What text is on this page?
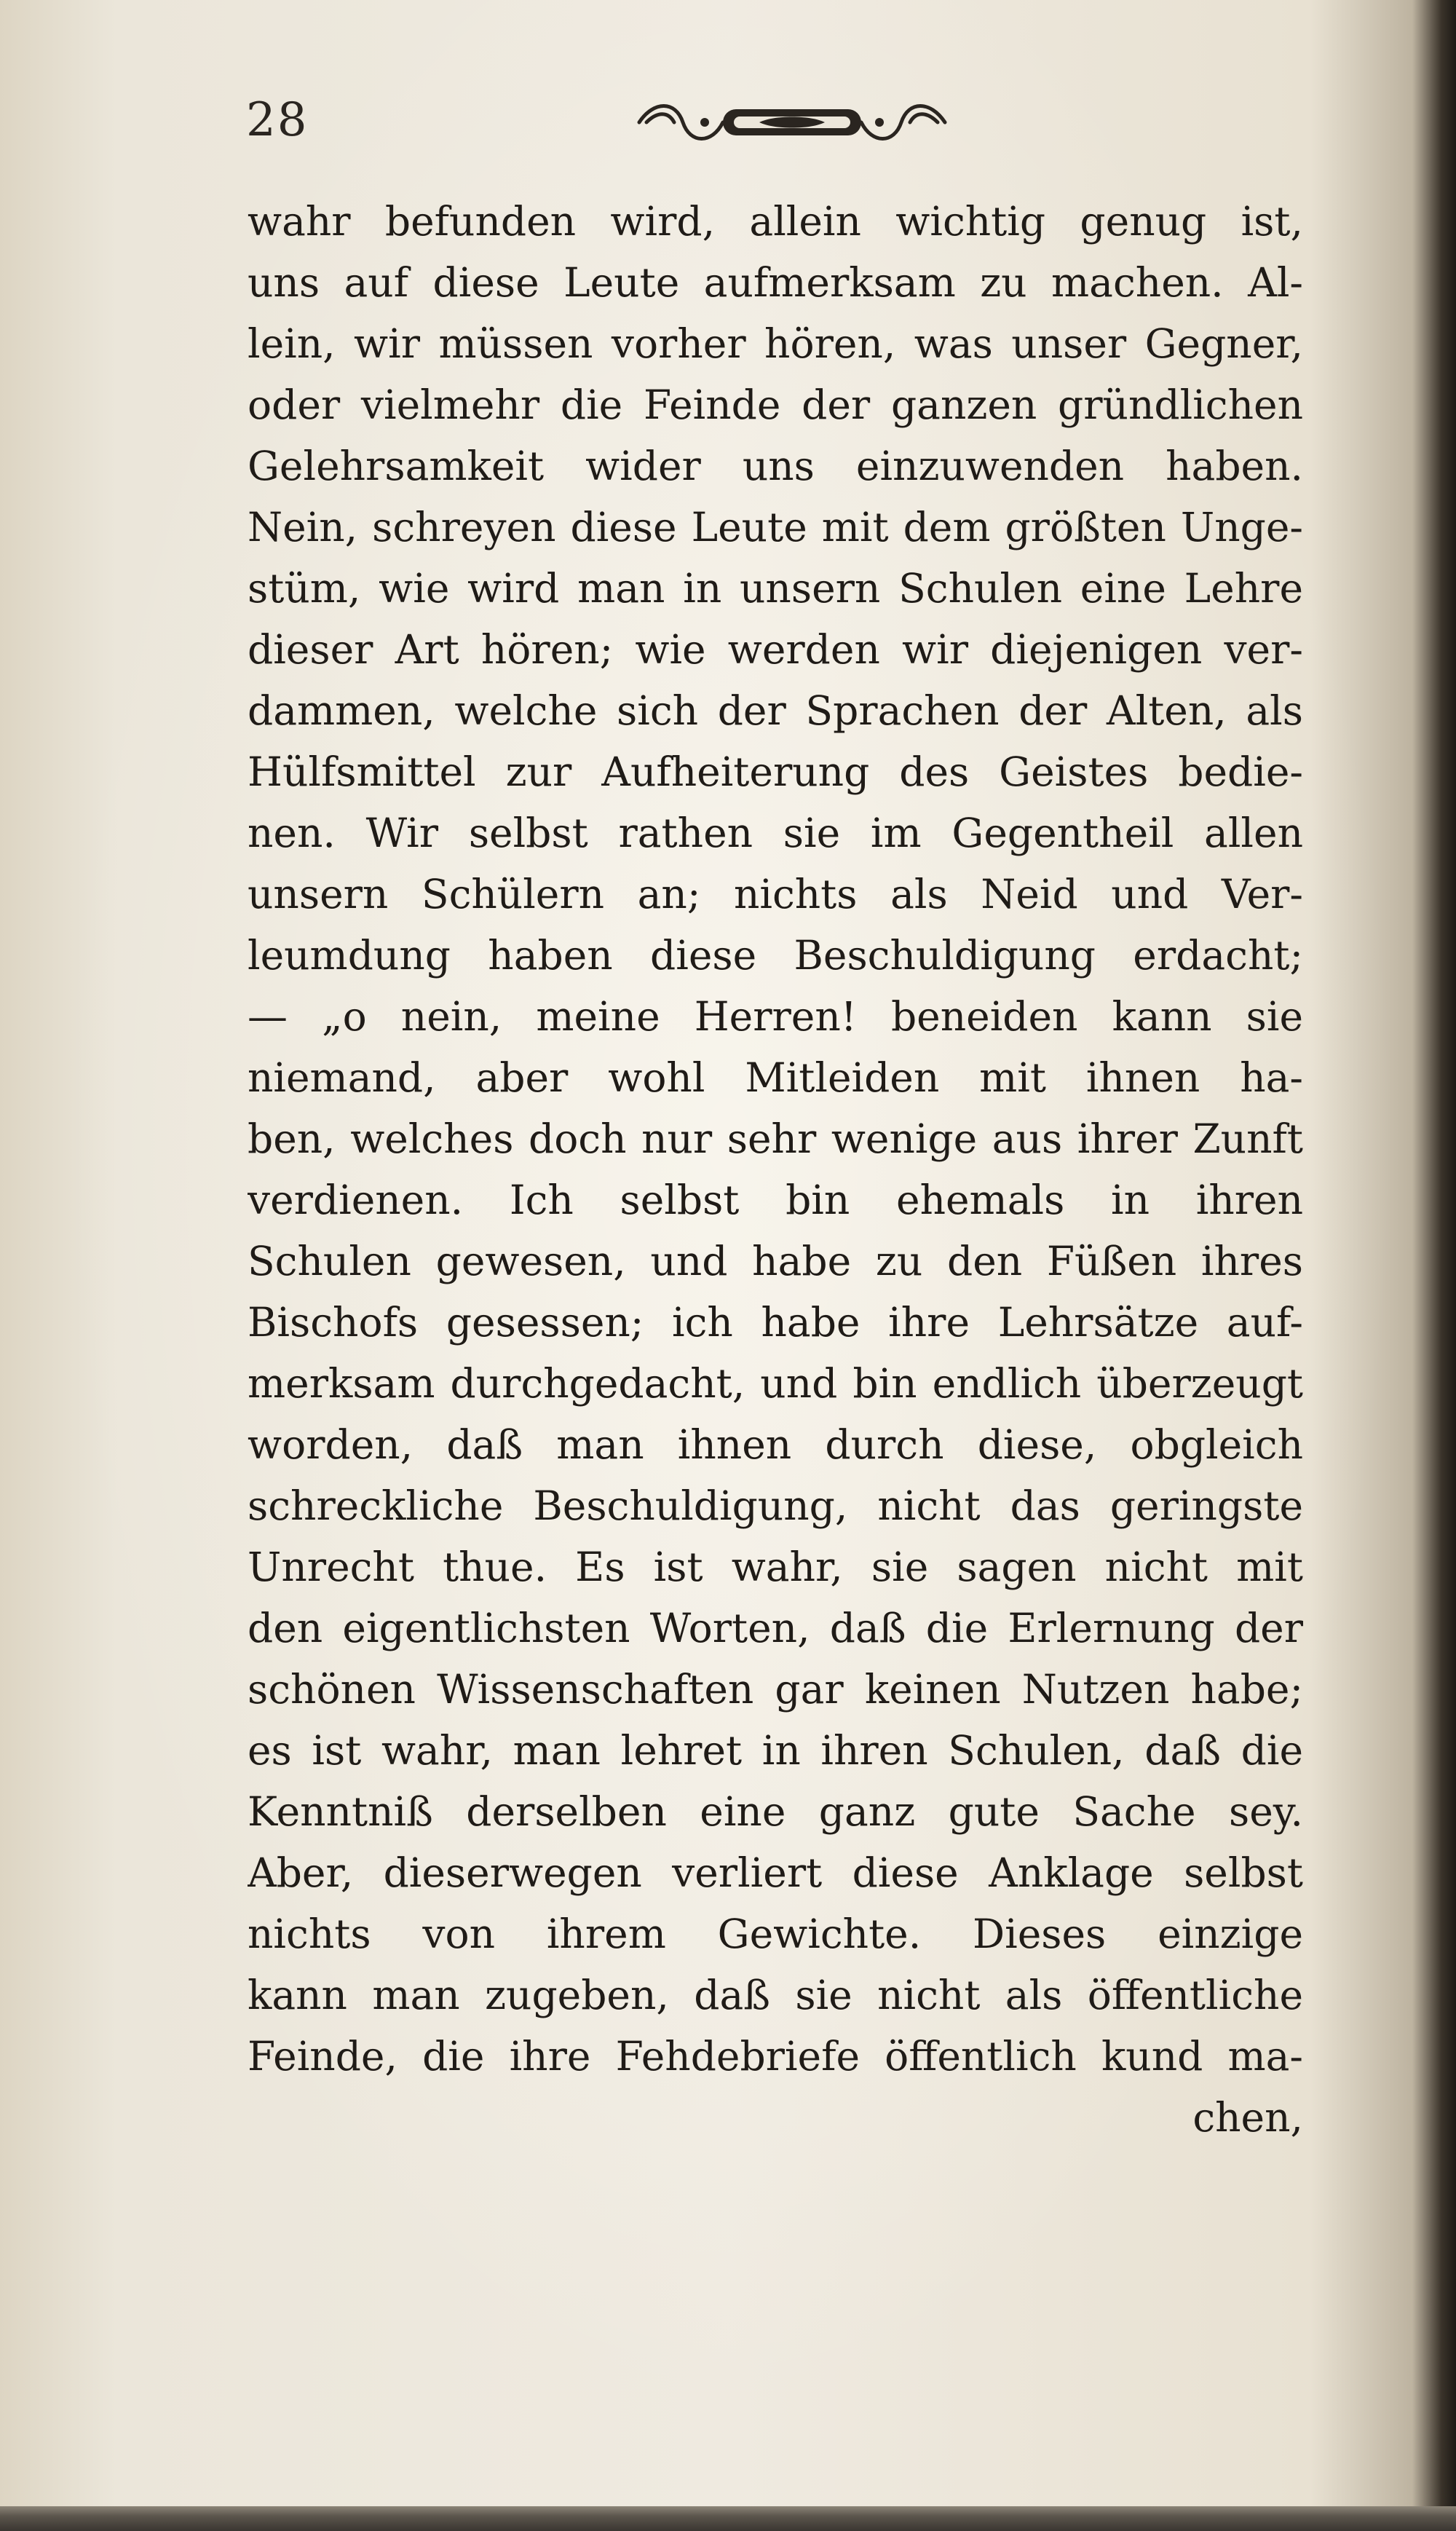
28
wahr befunden wird, allein wichtig genug ist,
uns auf diese Leute aufmerksam zu machen. Al-
lein, wir müssen vorher hören, was unser Gegner,
oder vielmehr die Feinde der ganzen gründlichen
Gelehrsamkeit wider uns einzuwenden haben.
Nein, schreyen diese Leute mit dem größten Unge-
stüm, wie wird man in unsern Schulen eine Lehre
dieser Art hören; wie werden wir diejenigen ver-
dammen, welche sich der Sprachen der Alten, als
Hülfsmittel zur Aufheiterung des Geistes bedie-
nen. Wir selbst rathen sie im Gegentheil allen
unsern Schülern an; nichts als Neid und Ver-
leumdung haben diese Beschuldigung erdacht;
— „o nein, meine Herren! beneiden kann sie
niemand, aber wohl Mitleiden mit ihnen ha-
ben, welches doch nur sehr wenige aus ihrer Zunft
verdienen. Ich selbst bin ehemals in ihren
Schulen gewesen, und habe zu den Füßen ihres
Bischofs gesessen; ich habe ihre Lehrsätze auf-
merksam durchgedacht, und bin endlich überzeugt
worden, daß man ihnen durch diese, obgleich
schreckliche Beschuldigung, nicht das geringste
Unrecht thue. Es ist wahr, sie sagen nicht mit
den eigentlichsten Worten, daß die Erlernung der
schönen Wissenschaften gar keinen Nutzen habe;
es ist wahr, man lehret in ihren Schulen, daß die
Kenntniß derselben eine ganz gute Sache sey.
Aber, dieserwegen verliert diese Anklage selbst
nichts von ihrem Gewichte. Dieses einzige
kann man zugeben, daß sie nicht als öffentliche
Feinde, die ihre Fehdebriefe öffentlich kund ma-
chen,
